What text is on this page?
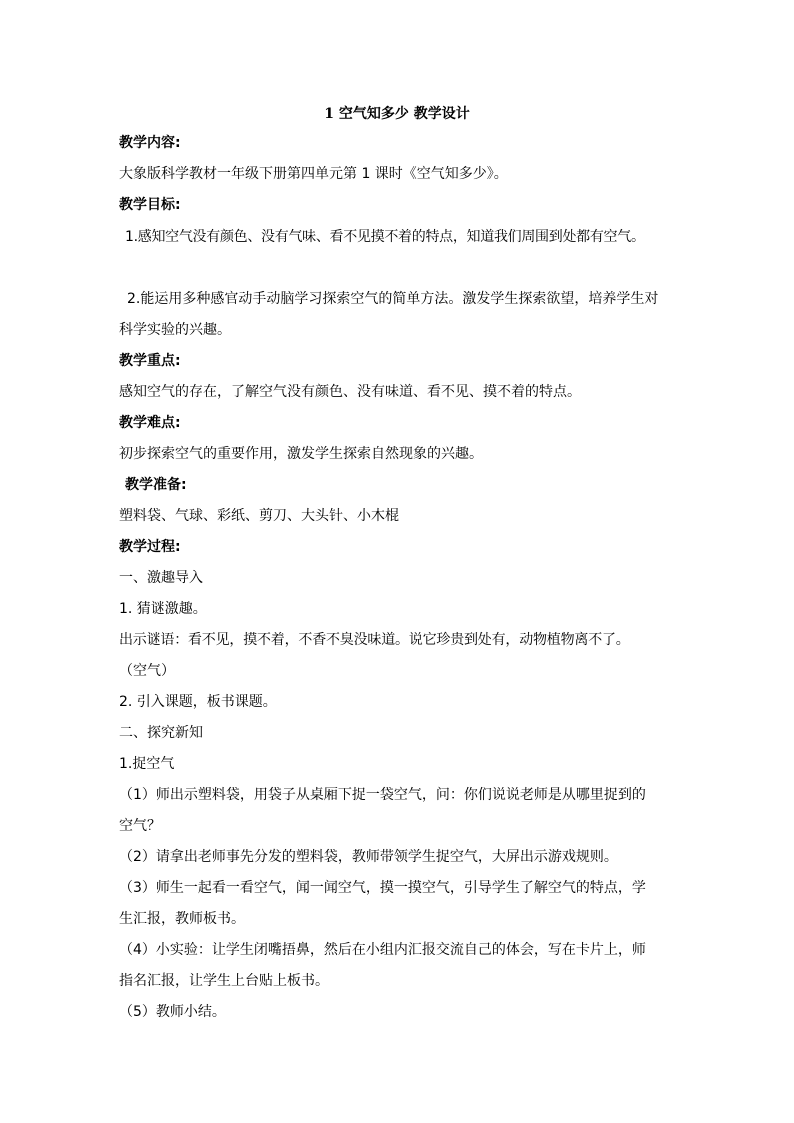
1 空气知多少 教学设计
教学内容:
大象版科学教材一年级下册第四单元第 1 课时《空气知多少》。
教学目标:
1.感知空气没有颜色、没有气味、看不见摸不着的特点，知道我们周围到处都有空气。
2.能运用多种感官动手动脑学习探索空气的简单方法。激发学生探索欲望，培养学生对
科学实验的兴趣。
教学重点:
感知空气的存在，了解空气没有颜色、没有味道、看不见、摸不着的特点。
教学难点:
初步探索空气的重要作用，激发学生探索自然现象的兴趣。
教学准备:
塑料袋、气球、彩纸、剪刀、大头针、小木棍
教学过程:
一、激趣导入
1. 猜谜激趣。
出示谜语：看不见，摸不着，不香不臭没味道。说它珍贵到处有，动物植物离不了。
（空气）
2. 引入课题，板书课题。
二、探究新知
1.捉空气
（1）师出示塑料袋，用袋子从桌厢下捉一袋空气，问：你们说说老师是从哪里捉到的
空气？
（2）请拿出老师事先分发的塑料袋，教师带领学生捉空气，大屏出示游戏规则。
（3）师生一起看一看空气，闻一闻空气，摸一摸空气，引导学生了解空气的特点，学
生汇报，教师板书。
（4）小实验：让学生闭嘴捂鼻，然后在小组内汇报交流自己的体会，写在卡片上，师
指名汇报，让学生上台贴上板书。
（5）教师小结。
